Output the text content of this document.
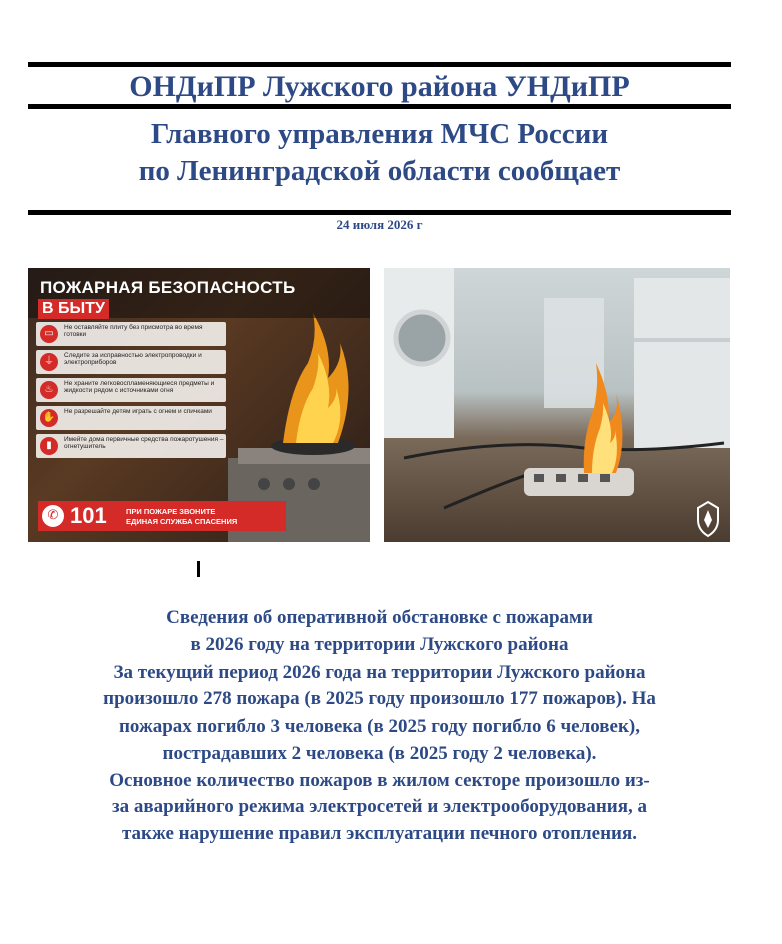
ОНДиПР Лужского района УНДиПР
Главного управления МЧС России
по Ленинградской области сообщает
24 июля 2026 г
ПОЖАРНАЯ БЕЗОПАСНОСТЬ
В БЫТУ
▭
Не оставляйте плиту без присмотра во время готовки
⏚
Следите за исправностью электропроводки и электроприборов
♨
Не храните легковоспламеняющиеся предметы и жидкости рядом с источниками огня
✋
Не разрешайте детям играть с огнем и спичками
▮
Имейте дома первичные средства пожаротушения – огнетушитель
✆ 101	ПРИ ПОЖАРЕ ЗВОНИТЕ
ЕДИНАЯ СЛУЖБА СПАСЕНИЯ
Сведения об оперативной обстановке с пожарами
в 2026 году на территории Лужского района
За текущий период 2026 года на территории Лужского района
произошло 278 пожара (в 2025 году произошло 177 пожаров). На
пожарах погибло 3 человека (в 2025 году погибло 6 человек),
пострадавших 2 человека (в 2025 году 2 человека).
Основное количество пожаров в жилом секторе произошло из-
за аварийного режима электросетей и электрооборудования, а
также нарушение правил эксплуатации печного отопления.
